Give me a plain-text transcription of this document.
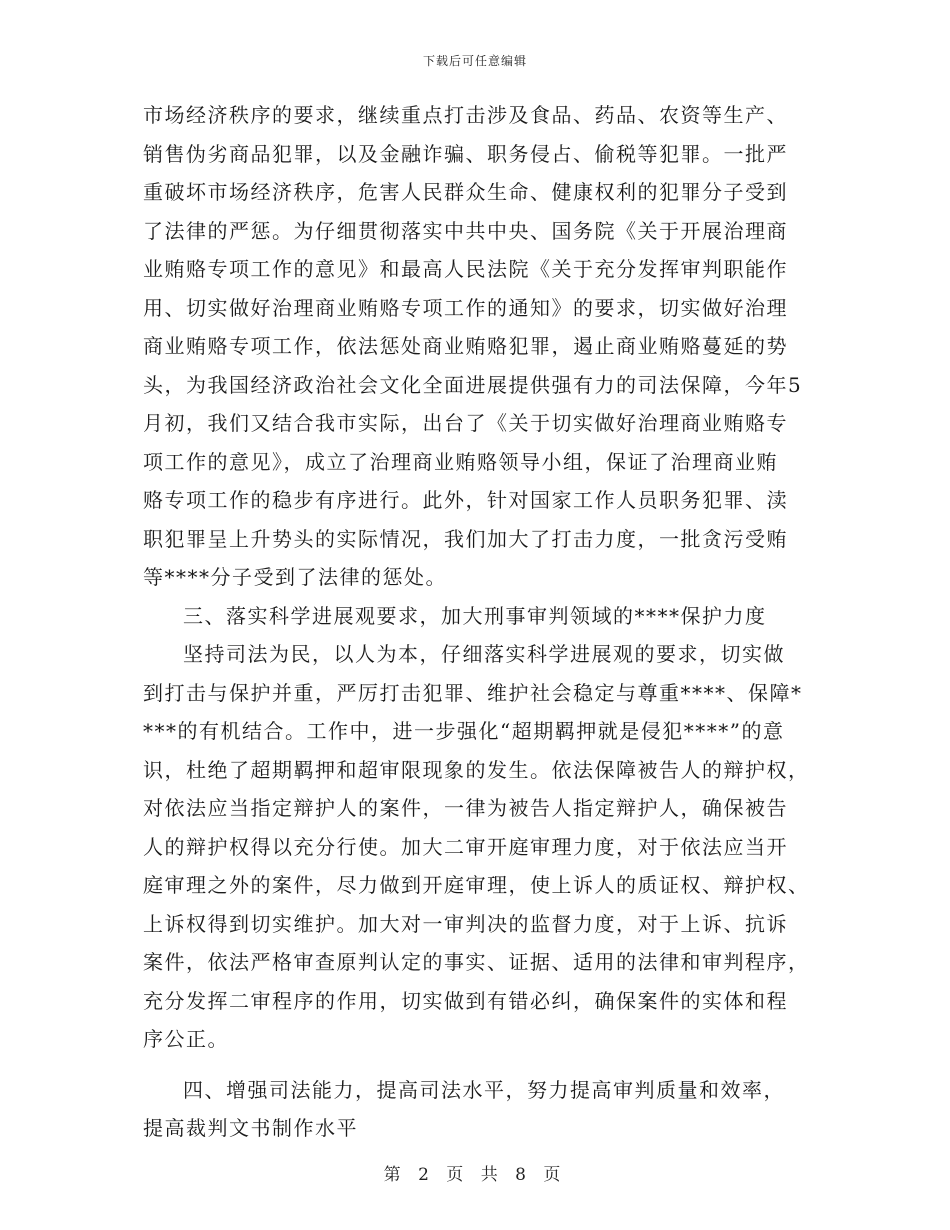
下载后可任意编辑
市场经济秩序的要求，继续重点打击涉及食品、药品、农资等生产、
销售伪劣商品犯罪，以及金融诈骗、职务侵占、偷税等犯罪。一批严
重破坏市场经济秩序，危害人民群众生命、健康权利的犯罪分子受到
了法律的严惩。为仔细贯彻落实中共中央、国务院《关于开展治理商
业贿赂专项工作的意见》和最高人民法院《关于充分发挥审判职能作
用、切实做好治理商业贿赂专项工作的通知》的要求，切实做好治理
商业贿赂专项工作，依法惩处商业贿赂犯罪，遏止商业贿赂蔓延的势
头，为我国经济政治社会文化全面进展提供强有力的司法保障，今年5
月初，我们又结合我市实际，出台了《关于切实做好治理商业贿赂专
项工作的意见》，成立了治理商业贿赂领导小组，保证了治理商业贿
赂专项工作的稳步有序进行。此外，针对国家工作人员职务犯罪、渎
职犯罪呈上升势头的实际情况，我们加大了打击力度，一批贪污受贿
等****分子受到了法律的惩处。
三、落实科学进展观要求，加大刑事审判领域的****保护力度
坚持司法为民，以人为本，仔细落实科学进展观的要求，切实做
到打击与保护并重，严厉打击犯罪、维护社会稳定与尊重****、保障*
***的有机结合。工作中，进一步强化“超期羁押就是侵犯****”的意
识，杜绝了超期羁押和超审限现象的发生。依法保障被告人的辩护权，
对依法应当指定辩护人的案件，一律为被告人指定辩护人，确保被告
人的辩护权得以充分行使。加大二审开庭审理力度，对于依法应当开
庭审理之外的案件，尽力做到开庭审理，使上诉人的质证权、辩护权、
上诉权得到切实维护。加大对一审判决的监督力度，对于上诉、抗诉
案件，依法严格审查原判认定的事实、证据、适用的法律和审判程序，
充分发挥二审程序的作用，切实做到有错必纠，确保案件的实体和程
序公正。
四、增强司法能力，提高司法水平，努力提高审判质量和效率，
提高裁判文书制作水平
第 2 页 共 8 页
